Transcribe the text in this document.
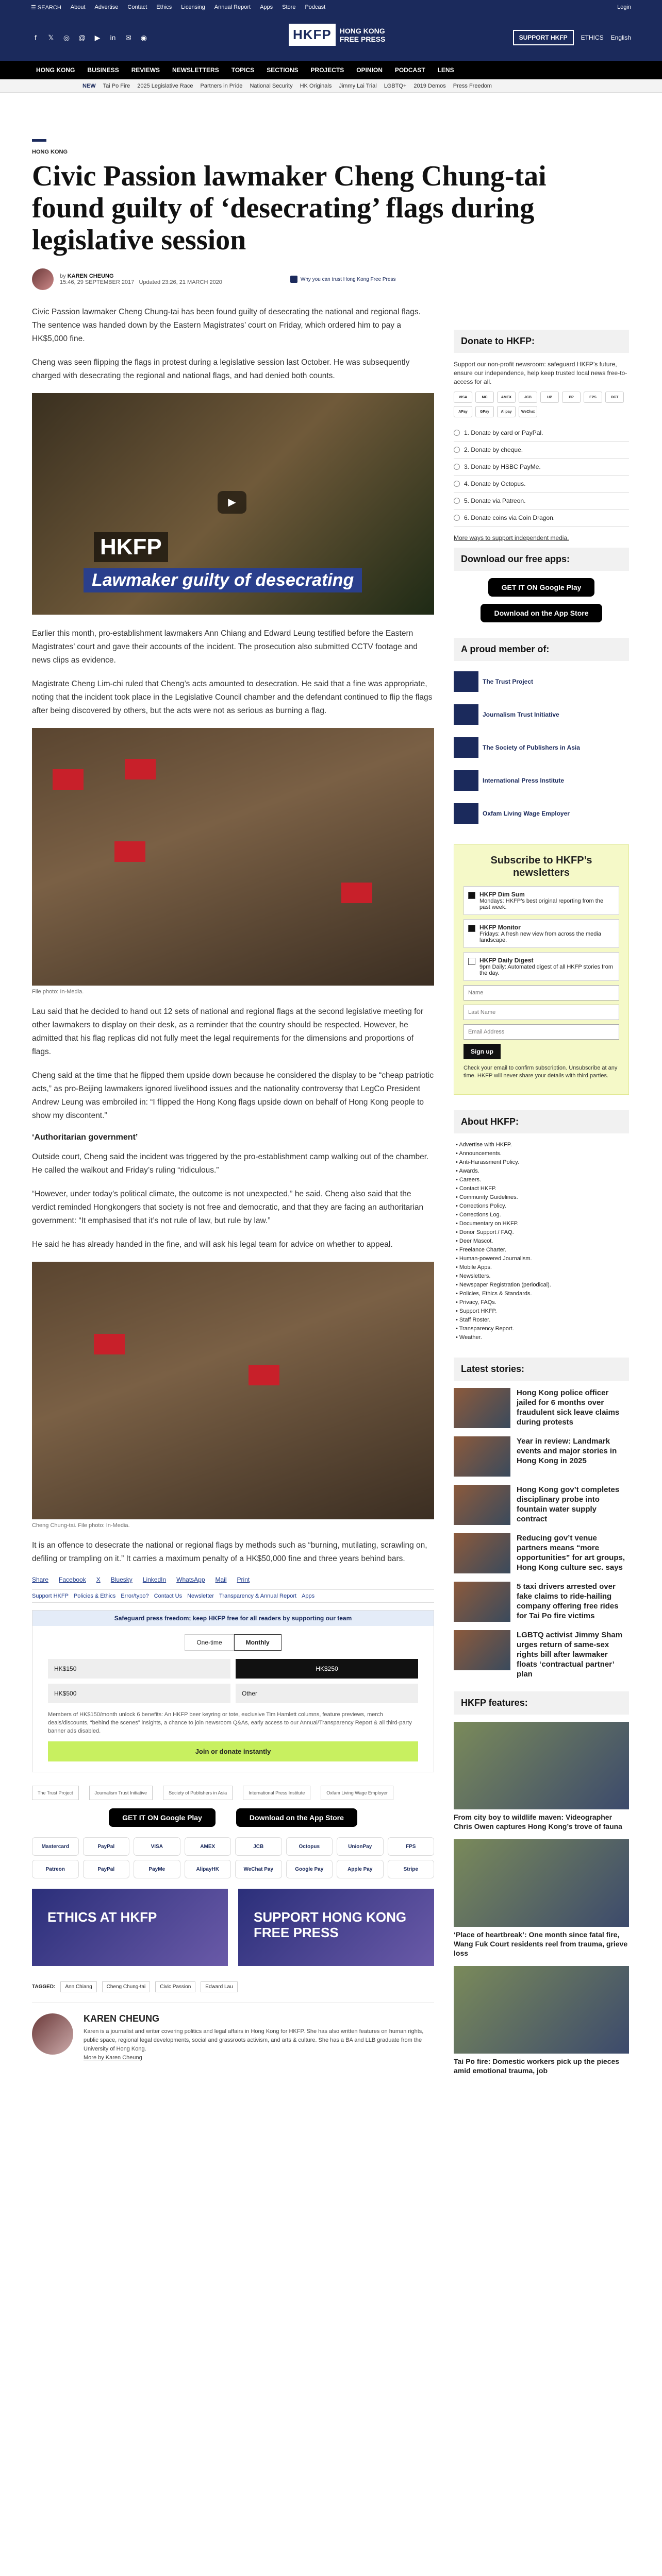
☰ SEARCH About Advertise Contact Ethics Licensing Annual Report Apps Store Podcast	Login
f	𝕏 ◎ @ ▶ in ✉ ◉	HKFP	HONG KONG FREE PRESS	SUPPORT HKFP	ETHICS English
HONG KONG BUSINESS REVIEWS NEWSLETTERS TOPICS SECTIONS PROJECTS OPINION PODCAST LENS
NEW Tai Po Fire 2025 Legislative Race Partners in Pride National Security HK Originals Jimmy Lai Trial LGBTQ+ 2019 Demos Press Freedom
HONG KONG
Civic Passion lawmaker Cheng Chung-tai found guilty of ‘desecrating’ flags during legislative session
by KAREN CHEUNG
15:46, 29 SEPTEMBER 2017 Updated 23:26, 21 MARCH 2020	Why you can trust Hong Kong Free Press

Civic Passion lawmaker Cheng Chung-tai has been found guilty of desecrating the national and regional flags. The sentence was handed down by the Eastern Magistrates’ court on Friday, which ordered him to pay a HK$5,000 fine.

Cheng was seen flipping the flags in protest during a legislative session last October. He was subsequently charged with desecrating the regional and national flags, and had denied both counts.

▶
HKFP
Lawmaker guilty of desecrating

Earlier this month, pro-establishment lawmakers Ann Chiang and Edward Leung testified before the Eastern Magistrates’ court and gave their accounts of the incident. The prosecution also submitted CCTV footage and news clips as evidence.

Magistrate Cheng Lim-chi ruled that Cheng’s acts amounted to desecration. He said that a fine was appropriate, noting that the incident took place in the Legislative Council chamber and the defendant continued to flip the flags after being discovered by others, but the acts were not as serious as burning a flag.

File photo: In-Media.

Lau said that he decided to hand out 12 sets of national and regional flags at the second legislative meeting for other lawmakers to display on their desk, as a reminder that the country should be respected. However, he admitted that his flag replicas did not fully meet the legal requirements for the dimensions and proportions of flags.

Cheng said at the time that he flipped them upside down because he considered the display to be “cheap patriotic acts,” as pro-Beijing lawmakers ignored livelihood issues and the nationality controversy that LegCo President Andrew Leung was embroiled in: “I flipped the Hong Kong flags upside down on behalf of Hong Kong people to show my discontent.”

‘Authoritarian government’

Outside court, Cheng said the incident was triggered by the pro-establishment camp walking out of the chamber. He called the walkout and Friday’s ruling “ridiculous.”

“However, under today’s political climate, the outcome is not unexpected,” he said. Cheng also said that the verdict reminded Hongkongers that society is not free and democratic, and that they are facing an authoritarian government: “It emphasised that it’s not rule of law, but rule by law.”

He said he has already handed in the fine, and will ask his legal team for advice on whether to appeal.

Cheng Chung-tai. File photo: In-Media.

It is an offence to desecrate the national or regional flags by methods such as “burning, mutilating, scrawling on, defiling or trampling on it.” It carries a maximum penalty of a HK$50,000 fine and three years behind bars.

Share Facebook X Bluesky LinkedIn WhatsApp Mail Print
Support HKFP Policies & Ethics Error/typo? Contact Us Newsletter Transparency & Annual Report Apps
Safeguard press freedom; keep HKFP free for all readers by supporting our team
One-time	Monthly
HK$150	HK$250
HK$500	Other
Members of HK$150/month unlock 6 benefits: An HKFP beer keyring or tote, exclusive Tim Hamlett columns, feature previews, merch deals/discounts, “behind the scenes” insights, a chance to join newsroom Q&As, early access to our Annual/Transparency Report & all third-party banner ads disabled.
Join or donate instantly
The Trust Project	Journalism Trust Initiative	Society of Publishers in Asia	International Press Institute	Oxfam Living Wage Employer
GET IT ON Google Play	Download on the App Store
Mastercard	PayPal	VISA	AMEX	JCB	Octopus	UnionPay	FPS
Patreon	PayPal	PayMe	AlipayHK	WeChat Pay	Google Pay	Apple Pay	Stripe
ETHICS AT HKFP	SUPPORT HONG KONG FREE PRESS
TAGGED:	Ann Chiang	Cheng Chung-tai	Civic Passion	Edward Lau
KAREN CHEUNG

Karen is a journalist and writer covering politics and legal affairs in Hong Kong for HKFP. She has also written features on human rights, public space, regional legal developments, social and grassroots activism, and arts & culture. She has a BA and LLB graduate from the University of Hong Kong.

More by Karen Cheung

Donate to HKFP:

Support our non-profit newsroom: safeguard HKFP’s future, ensure our independence, help keep trusted local news free-to-access for all.

VISA	MC	AMEX	JCB	UP	PP	FPS	OCT
APay	GPay	Alipay	WeChat
1. Donate by card or PayPal.
2. Donate by cheque.
3. Donate by HSBC PayMe.
4. Donate by Octopus.
5. Donate via Patreon.
6. Donate coins via Coin Dragon.

More ways to support independent media.

Download our free apps:
GET IT ON Google Play
Download on the App Store
A proud member of:
The Trust Project
Journalism Trust Initiative
The Society of Publishers in Asia
International Press Institute
Oxfam Living Wage Employer
Subscribe to HKFP’s newsletters
HKFP Dim Sum
Mondays: HKFP’s best original reporting from the past week.
HKFP Monitor
Fridays: A fresh new view from across the media landscape.
HKFP Daily Digest
9pm Daily: Automated digest of all HKFP stories from the day.
Name Last Name Email Address Sign up

Check your email to confirm subscription. Unsubscribe at any time. HKFP will never share your details with third parties.

About HKFP:
• Advertise with HKFP.
• Announcements.
• Anti-Harassment Policy.
• Awards.
• Careers.
• Contact HKFP.
• Community Guidelines.
• Corrections Policy.
• Corrections Log.
• Documentary on HKFP.
• Donor Support / FAQ.
• Deer Mascot.
• Freelance Charter.
• Human-powered Journalism.
• Mobile Apps.
• Newsletters.
• Newspaper Registration (periodical).
• Policies, Ethics & Standards.
• Privacy, FAQs.
• Support HKFP.
• Staff Roster.
• Transparency Report.
• Weather.
Latest stories:
Hong Kong police officer jailed for 6 months over fraudulent sick leave claims during protests
Year in review: Landmark events and major stories in Hong Kong in 2025
Hong Kong gov’t completes disciplinary probe into fountain water supply contract
Reducing gov’t venue partners means “more opportunities” for art groups, Hong Kong culture sec. says
5 taxi drivers arrested over fake claims to ride-hailing company offering free rides for Tai Po fire victims
LGBTQ activist Jimmy Sham urges return of same-sex rights bill after lawmaker floats ‘contractual partner’ plan
HKFP features:
From city boy to wildlife maven: Videographer Chris Owen captures Hong Kong’s trove of fauna
‘Place of heartbreak’: One month since fatal fire, Wang Fuk Court residents reel from trauma, grieve loss
Tai Po fire: Domestic workers pick up the pieces amid emotional trauma, job
